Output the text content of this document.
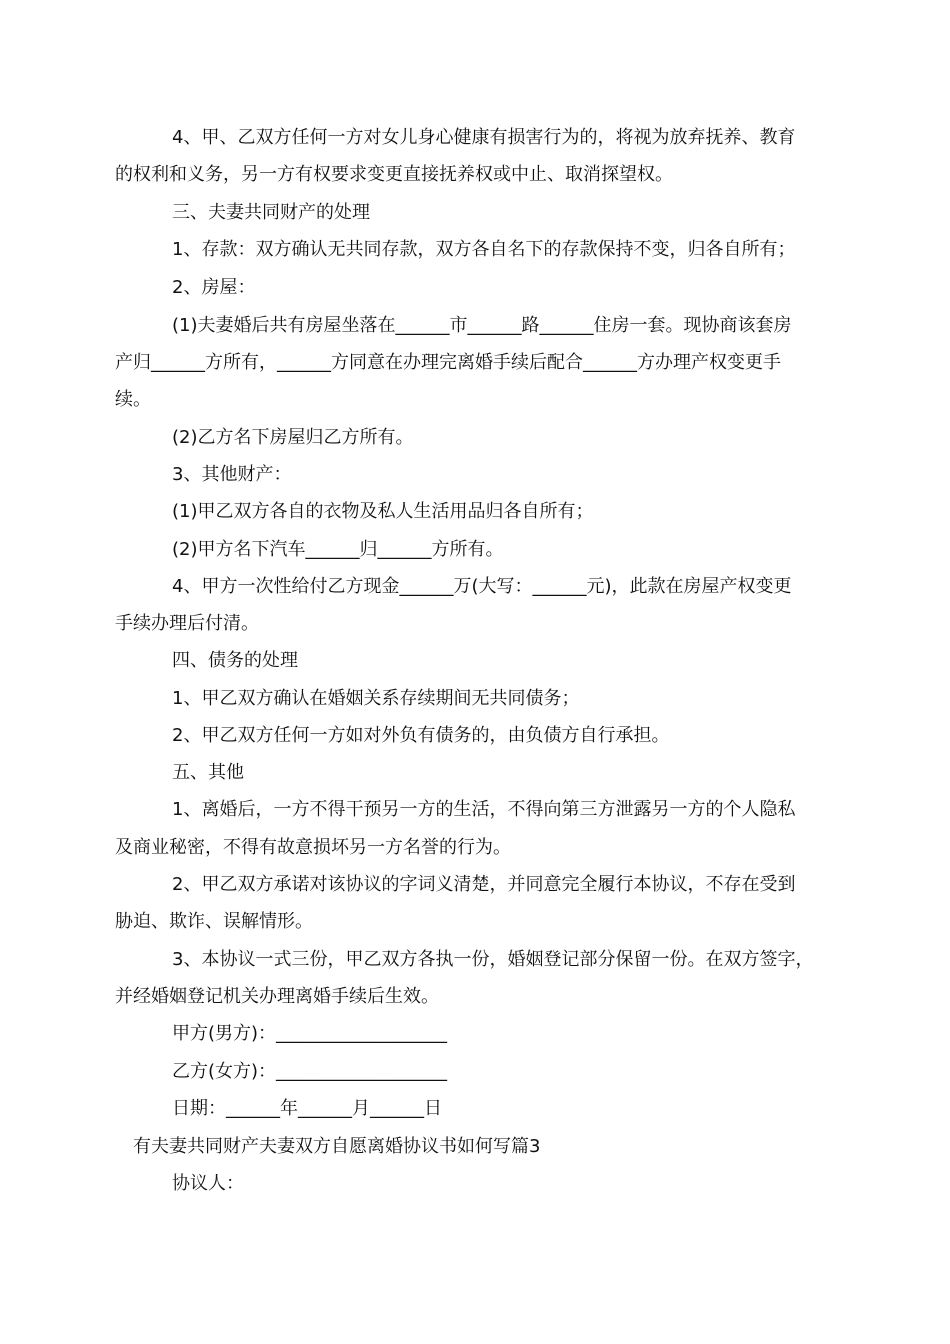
4、甲、乙双方任何一方对女儿身心健康有损害行为的，将视为放弃抚养、教育
的权利和义务，另一方有权要求变更直接抚养权或中止、取消探望权。
三、夫妻共同财产的处理
1、存款：双方确认无共同存款，双方各自名下的存款保持不变，归各自所有；
2、房屋：
(1)夫妻婚后共有房屋坐落在______市______路______住房一套。现协商该套房
产归______方所有，______方同意在办理完离婚手续后配合______方办理产权变更手
续。
(2)乙方名下房屋归乙方所有。
3、其他财产：
(1)甲乙双方各自的衣物及私人生活用品归各自所有；
(2)甲方名下汽车______归______方所有。
4、甲方一次性给付乙方现金______万(大写：______元)，此款在房屋产权变更
手续办理后付清。
四、债务的处理
1、甲乙双方确认在婚姻关系存续期间无共同债务；
2、甲乙双方任何一方如对外负有债务的，由负债方自行承担。
五、其他
1、离婚后，一方不得干预另一方的生活，不得向第三方泄露另一方的个人隐私
及商业秘密，不得有故意损坏另一方名誉的行为。
2、甲乙双方承诺对该协议的字词义清楚，并同意完全履行本协议，不存在受到
胁迫、欺诈、误解情形。
3、本协议一式三份，甲乙双方各执一份，婚姻登记部分保留一份。在双方签字，
并经婚姻登记机关办理离婚手续后生效。
甲方(男方)：___________________
乙方(女方)：___________________
日期：______年______月______日
有夫妻共同财产夫妻双方自愿离婚协议书如何写篇3
协议人：
